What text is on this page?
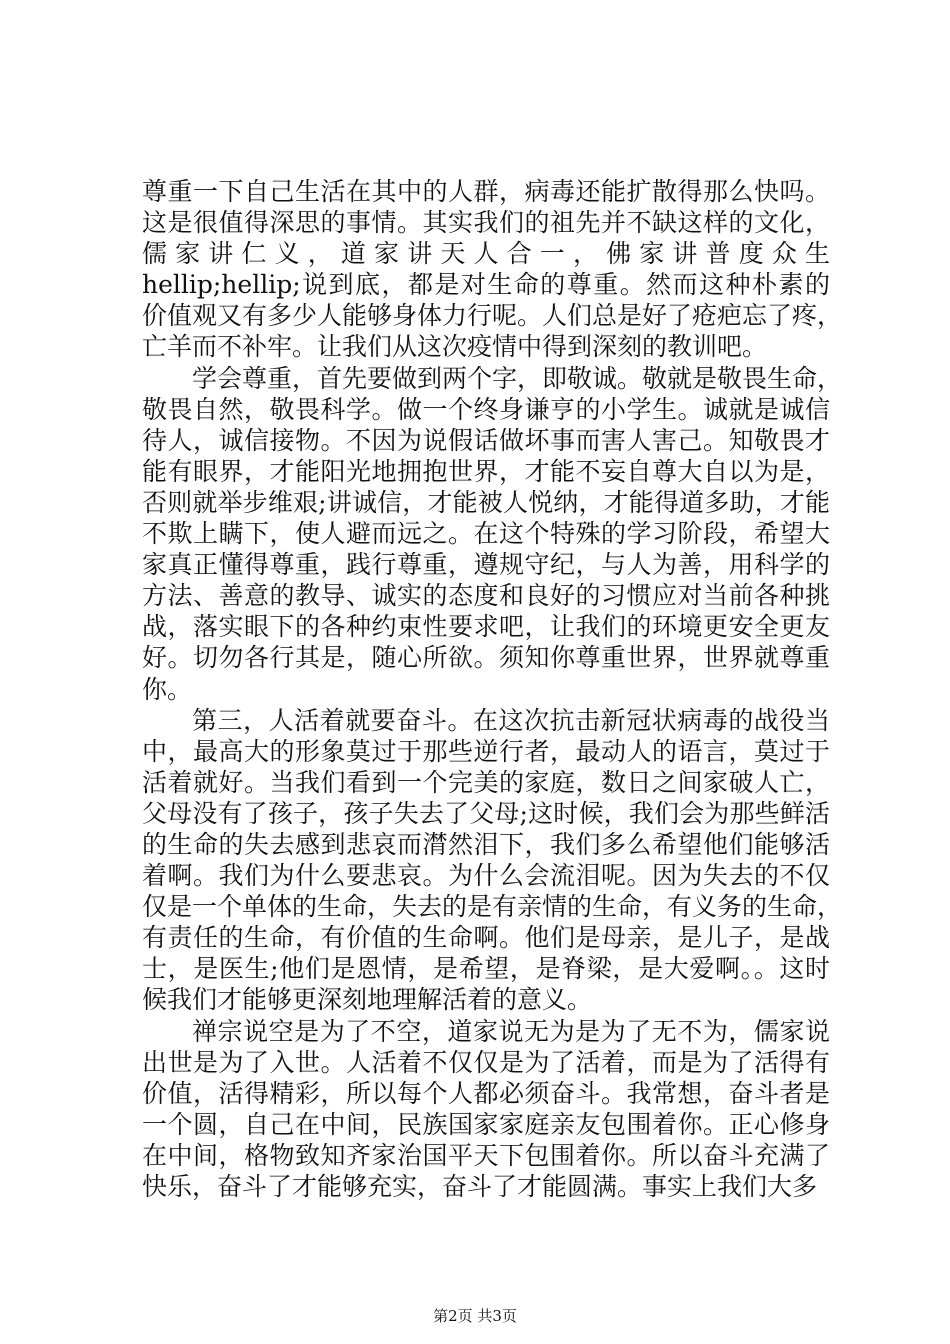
尊重一下自己生活在其中的人群，病毒还能扩散得那么快吗。
这是很值得深思的事情。其实我们的祖先并不缺这样的文化，
儒家讲仁义，道家讲天人合一，佛家讲普度众生
hellip;hellip;说到底，都是对生命的尊重。然而这种朴素的
价值观又有多少人能够身体力行呢。人们总是好了疮疤忘了疼，
亡羊而不补牢。让我们从这次疫情中得到深刻的教训吧。
学会尊重，首先要做到两个字，即敬诚。敬就是敬畏生命，
敬畏自然，敬畏科学。做一个终身谦亨的小学生。诚就是诚信
待人，诚信接物。不因为说假话做坏事而害人害己。知敬畏才
能有眼界，才能阳光地拥抱世界，才能不妄自尊大自以为是，
否则就举步维艰;讲诚信，才能被人悦纳，才能得道多助，才能
不欺上瞒下，使人避而远之。在这个特殊的学习阶段，希望大
家真正懂得尊重，践行尊重，遵规守纪，与人为善，用科学的
方法、善意的教导、诚实的态度和良好的习惯应对当前各种挑
战，落实眼下的各种约束性要求吧，让我们的环境更安全更友
好。切勿各行其是，随心所欲。须知你尊重世界，世界就尊重
你。
第三，人活着就要奋斗。在这次抗击新冠状病毒的战役当
中，最高大的形象莫过于那些逆行者，最动人的语言，莫过于
活着就好。当我们看到一个完美的家庭，数日之间家破人亡，
父母没有了孩子，孩子失去了父母;这时候，我们会为那些鲜活
的生命的失去感到悲哀而潸然泪下，我们多么希望他们能够活
着啊。我们为什么要悲哀。为什么会流泪呢。因为失去的不仅
仅是一个单体的生命，失去的是有亲情的生命，有义务的生命，
有责任的生命，有价值的生命啊。他们是母亲，是儿子，是战
士，是医生;他们是恩情，是希望，是脊梁，是大爱啊。。这时
候我们才能够更深刻地理解活着的意义。
禅宗说空是为了不空，道家说无为是为了无不为，儒家说
出世是为了入世。人活着不仅仅是为了活着，而是为了活得有
价值，活得精彩，所以每个人都必须奋斗。我常想，奋斗者是
一个圆，自己在中间，民族国家家庭亲友包围着你。正心修身
在中间，格物致知齐家治国平天下包围着你。所以奋斗充满了
快乐，奋斗了才能够充实，奋斗了才能圆满。事实上我们大多
第2页 共3页
